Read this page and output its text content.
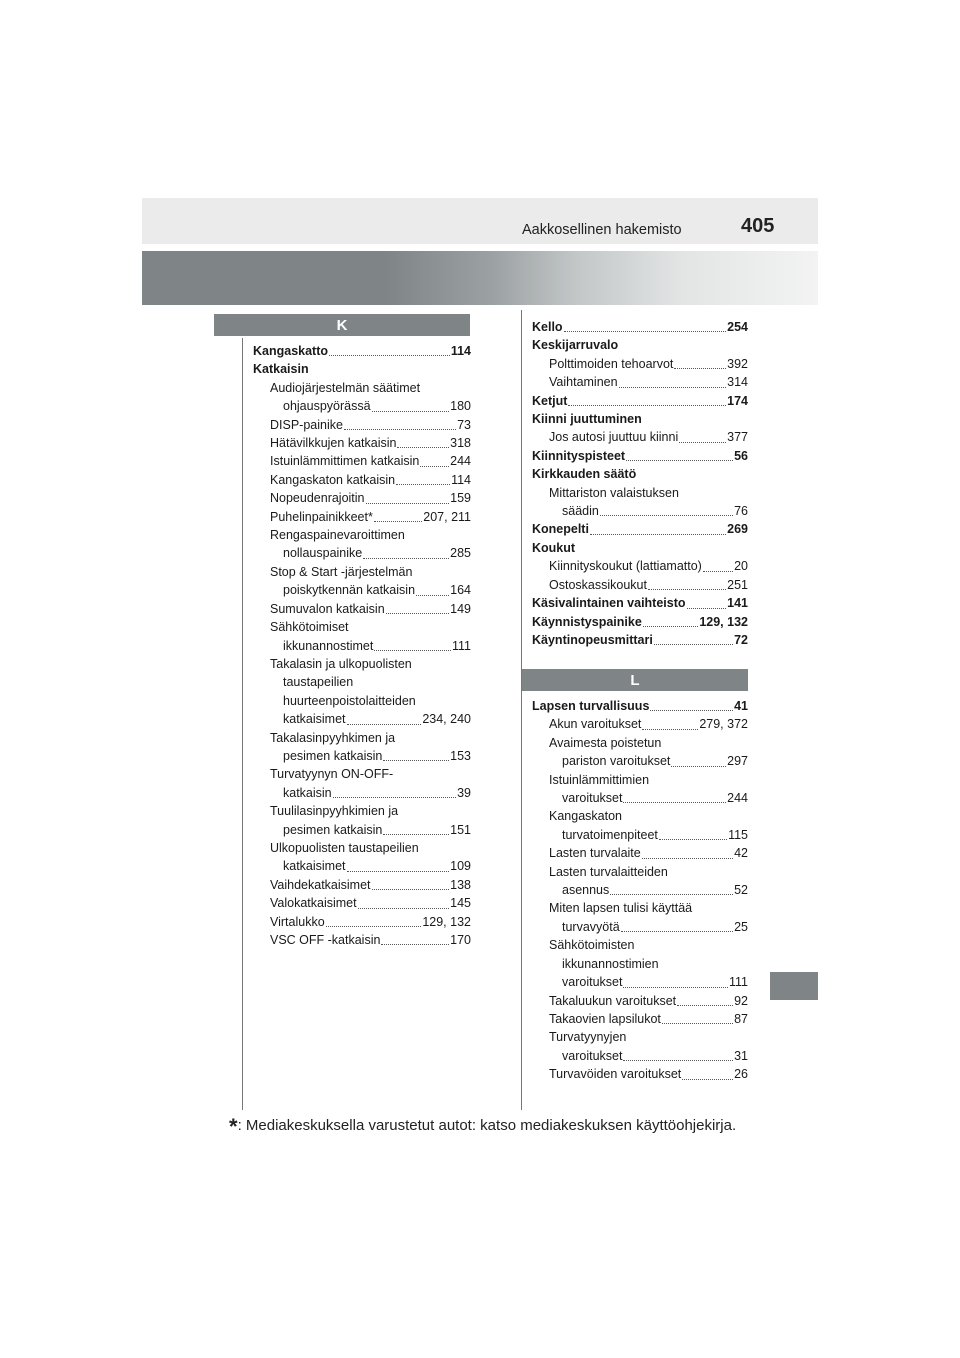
Aakkosellinen hakemisto	405
K
L
Kangaskatto	114
Katkaisin
Audiojärjestelmän säätimet
ohjauspyörässä	180
DISP-painike	73
Hätävilkkujen katkaisin	318
Istuinlämmittimen katkaisin 244
Kangaskaton katkaisin	114
Nopeudenrajoitin	159
Puhelinpainikkeet*	207, 211
Rengaspainevaroittimen
nollauspainike	285
Stop & Start -järjestelmän
poiskytkennän katkaisin	164
Sumuvalon katkaisin	149
Sähkötoimiset
ikkunannostimet	111
Takalasin ja ulkopuolisten
taustapeilien
huurteenpoistolaitteiden
katkaisimet	234, 240
Takalasinpyyhkimen ja
pesimen katkaisin	153
Turvatyynyn ON-OFF-
katkaisin	39
Tuulilasinpyyhkimien ja
pesimen katkaisin	151
Ulkopuolisten taustapeilien
katkaisimet	109
Vaihdekatkaisimet	138
Valokatkaisimet	145
Virtalukko	129, 132
VSC OFF -katkaisin	170
Kello	254
Keskijarruvalo
Polttimoiden tehoarvot	392
Vaihtaminen	314
Ketjut	174
Kiinni juuttuminen
Jos autosi juuttuu kiinni	377
Kiinnityspisteet	56
Kirkkauden säätö
Mittariston valaistuksen
säädin	76
Konepelti	269
Koukut
Kiinnityskoukut (lattiamatto)	20
Ostoskassikoukut	251
Käsivalintainen vaihteisto	141
Käynnistyspainike	129, 132
Käyntinopeusmittari	72
Lapsen turvallisuus	41
Akun varoitukset	279, 372
Avaimesta poistetun
pariston varoitukset	297
Istuinlämmittimien
varoitukset	244
Kangaskaton
turvatoimenpiteet	115
Lasten turvalaite	42
Lasten turvalaitteiden
asennus	52
Miten lapsen tulisi käyttää
turvavyötä	25
Sähkötoimisten
ikkunannostimien
varoitukset	111
Takaluukun varoitukset	92
Takaovien lapsilukot	87
Turvatyynyjen
varoitukset	31
Turvavöiden varoitukset	26
*: Mediakeskuksella varustetut autot: katso mediakeskuksen käyttöohjekirja.
